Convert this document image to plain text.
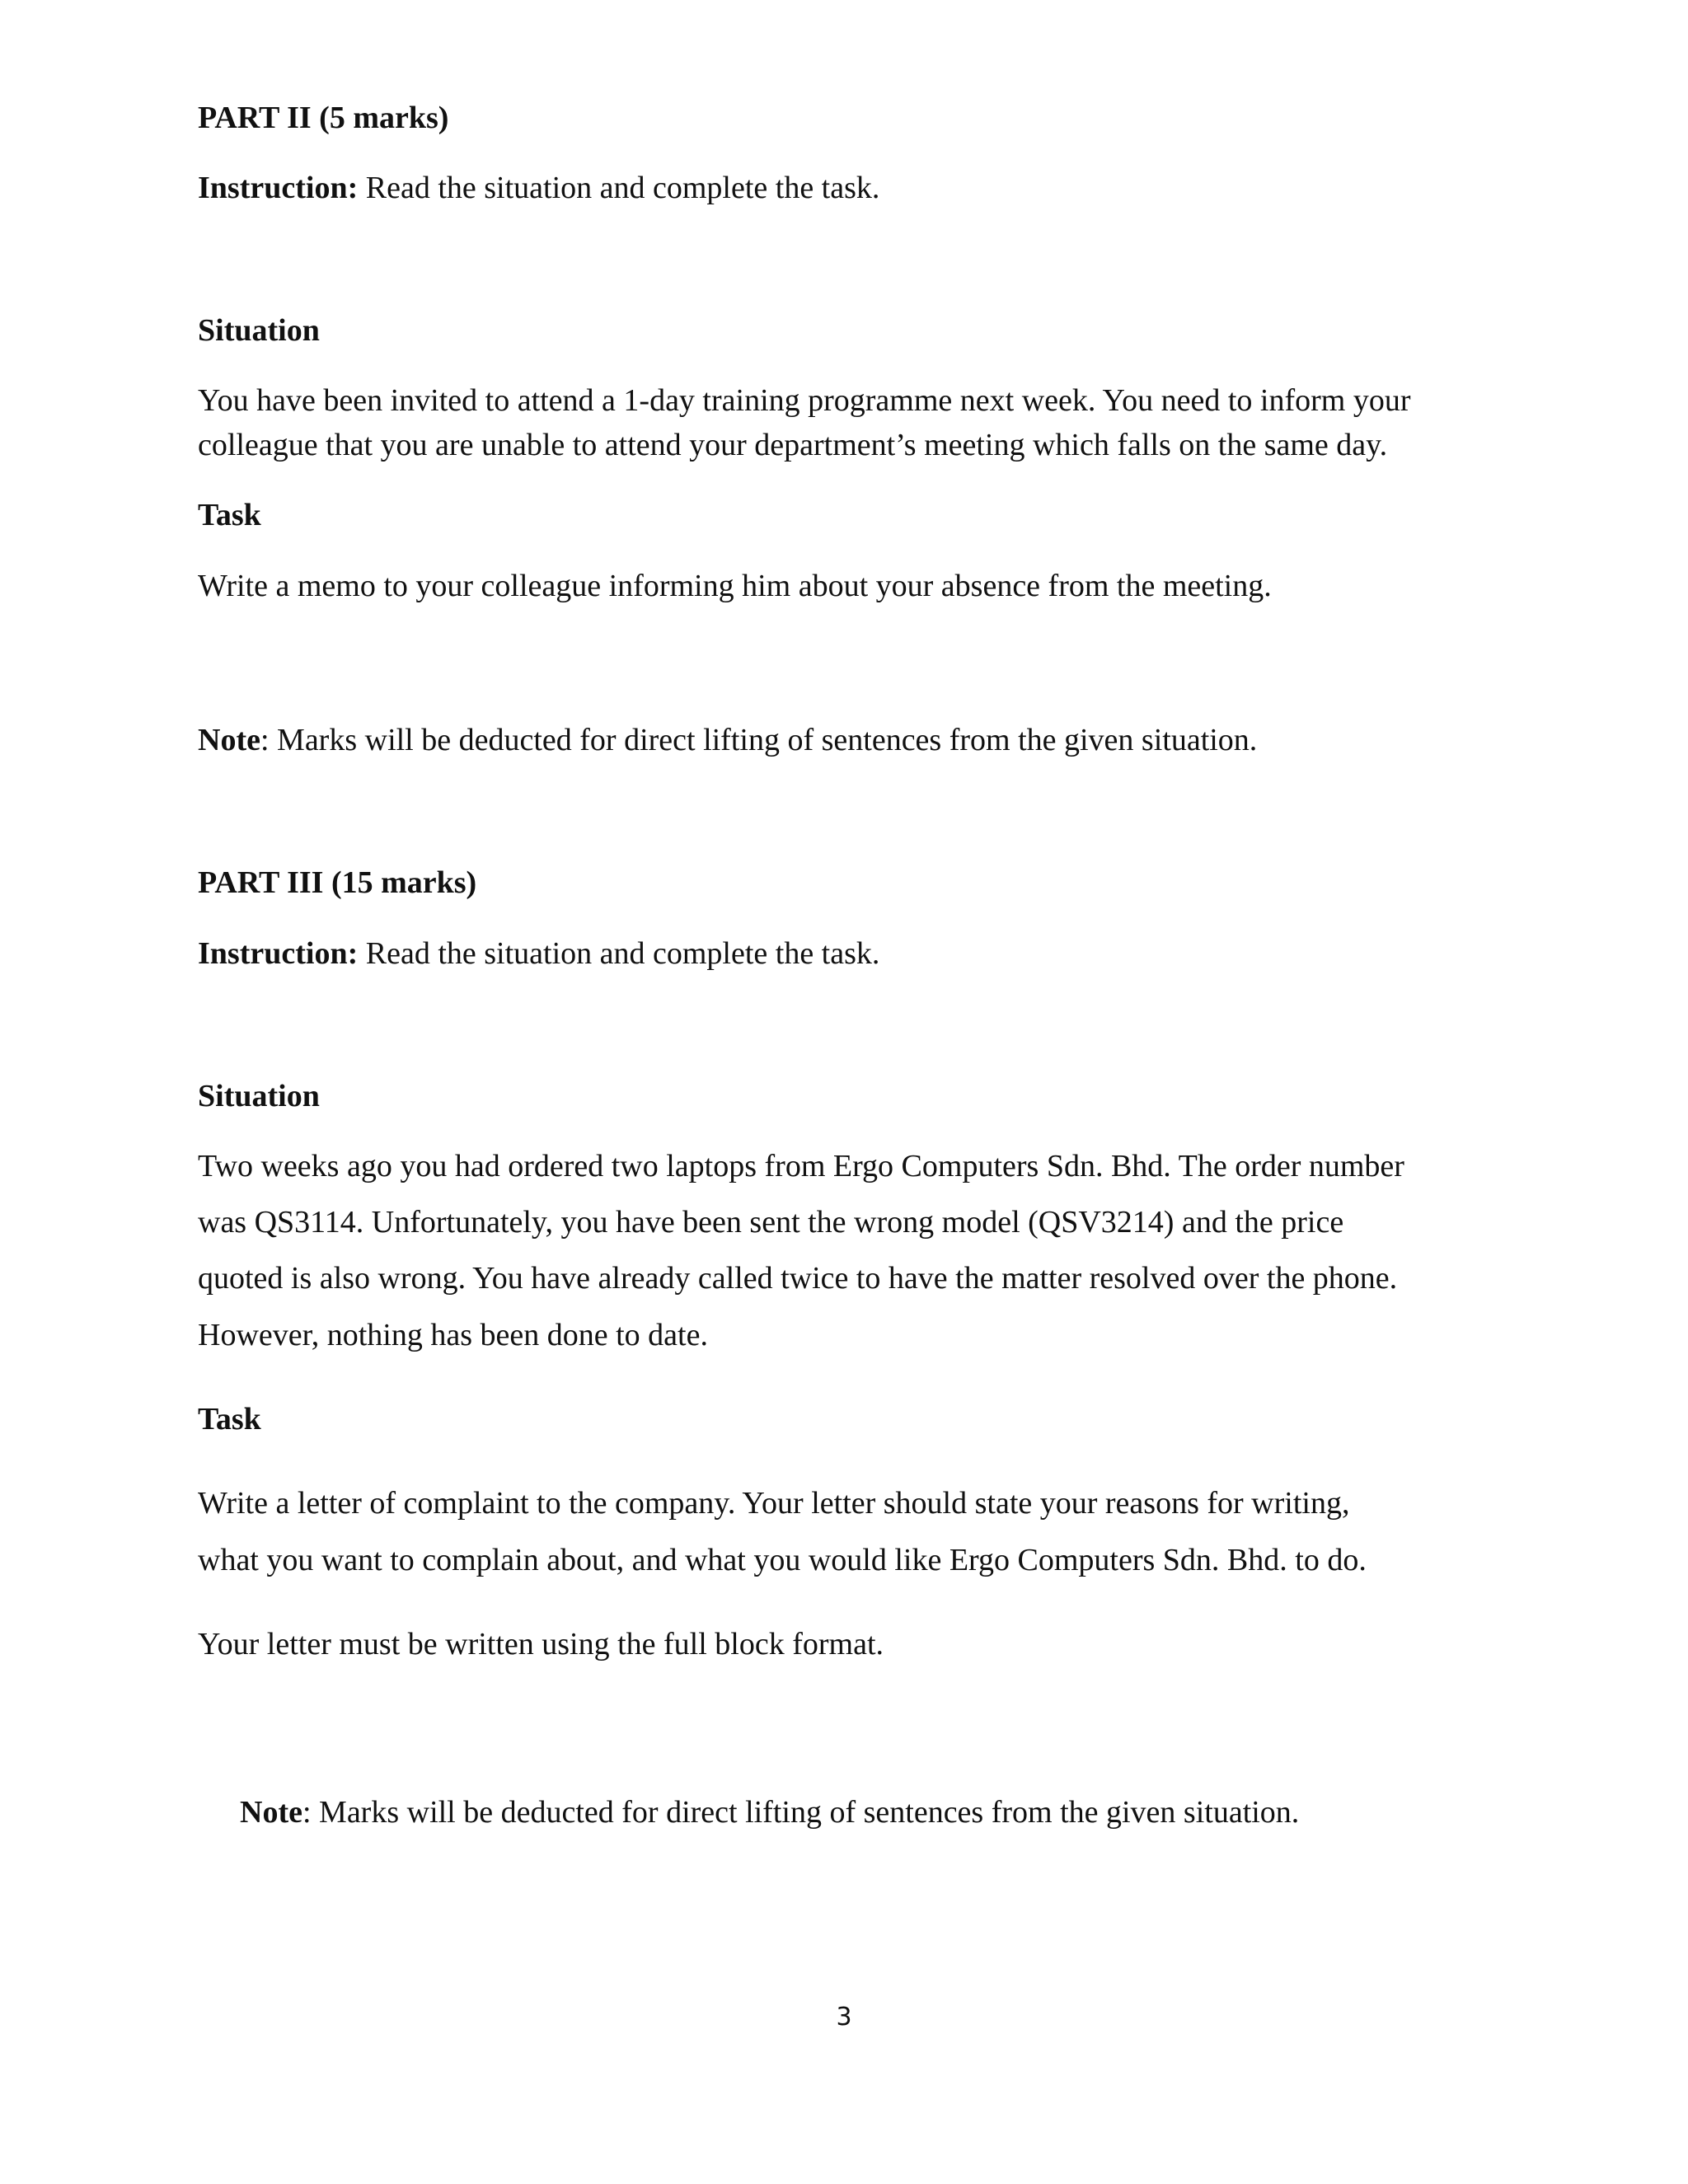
PART II (5 marks)

Instruction: Read the situation and complete the task.

Situation

You have been invited to attend a 1-day training programme next week. You need to inform your

colleague that you are unable to attend your department’s meeting which falls on the same day.

Task

Write a memo to your colleague informing him about your absence from the meeting.

Note: Marks will be deducted for direct lifting of sentences from the given situation.

PART III (15 marks)

Instruction: Read the situation and complete the task.

Situation

Two weeks ago you had ordered two laptops from Ergo Computers Sdn. Bhd. The order number

was QS3114. Unfortunately, you have been sent the wrong model (QSV3214) and the price

quoted is also wrong. You have already called twice to have the matter resolved over the phone.

However, nothing has been done to date.

Task

Write a letter of complaint to the company. Your letter should state your reasons for writing,

what you want to complain about, and what you would like Ergo Computers Sdn. Bhd. to do.

Your letter must be written using the full block format.

Note: Marks will be deducted for direct lifting of sentences from the given situation.

3
